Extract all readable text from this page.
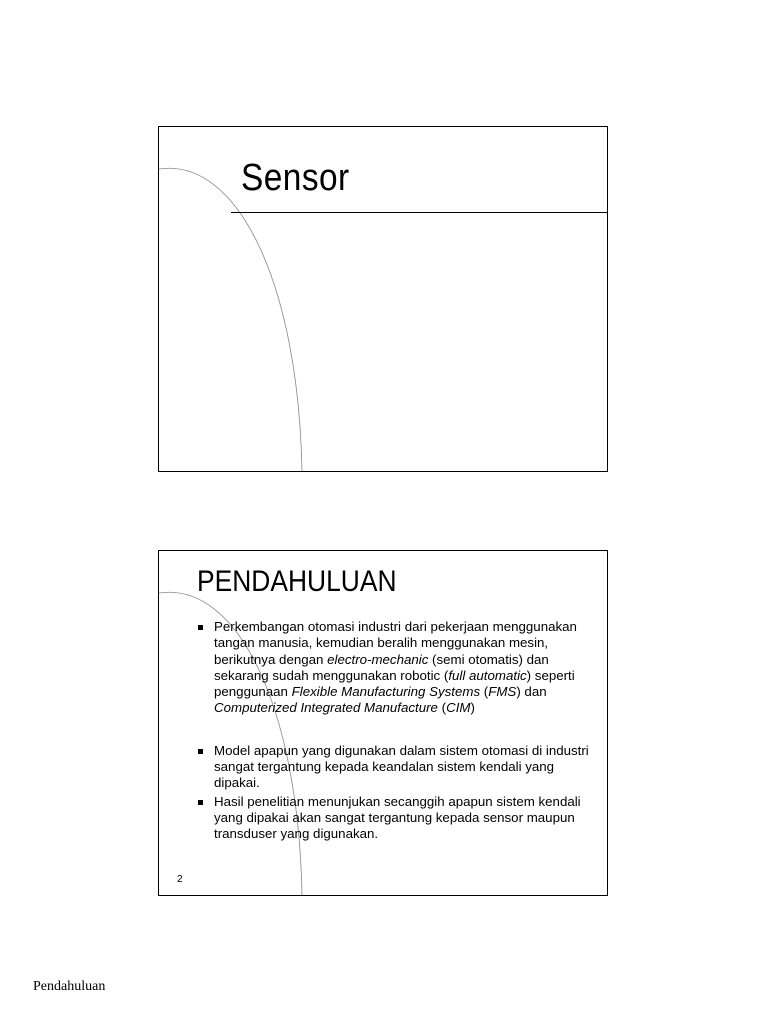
Sensor
PENDAHULUAN
Perkembangan otomasi industri dari pekerjaan menggunakan tangan manusia, kemudian beralih menggunakan mesin, berikutnya dengan electro-mechanic (semi otomatis) dan sekarang sudah menggunakan robotic (full automatic) seperti penggunaan Flexible Manufacturing Systems (FMS) dan Computerized Integrated Manufacture (CIM)
Model apapun yang digunakan dalam sistem otomasi di industri sangat tergantung kepada keandalan sistem kendali yang dipakai.
Hasil penelitian menunjukan secanggih apapun sistem kendali yang dipakai akan sangat tergantung kepada sensor maupun transduser yang digunakan.
2
Pendahuluan
